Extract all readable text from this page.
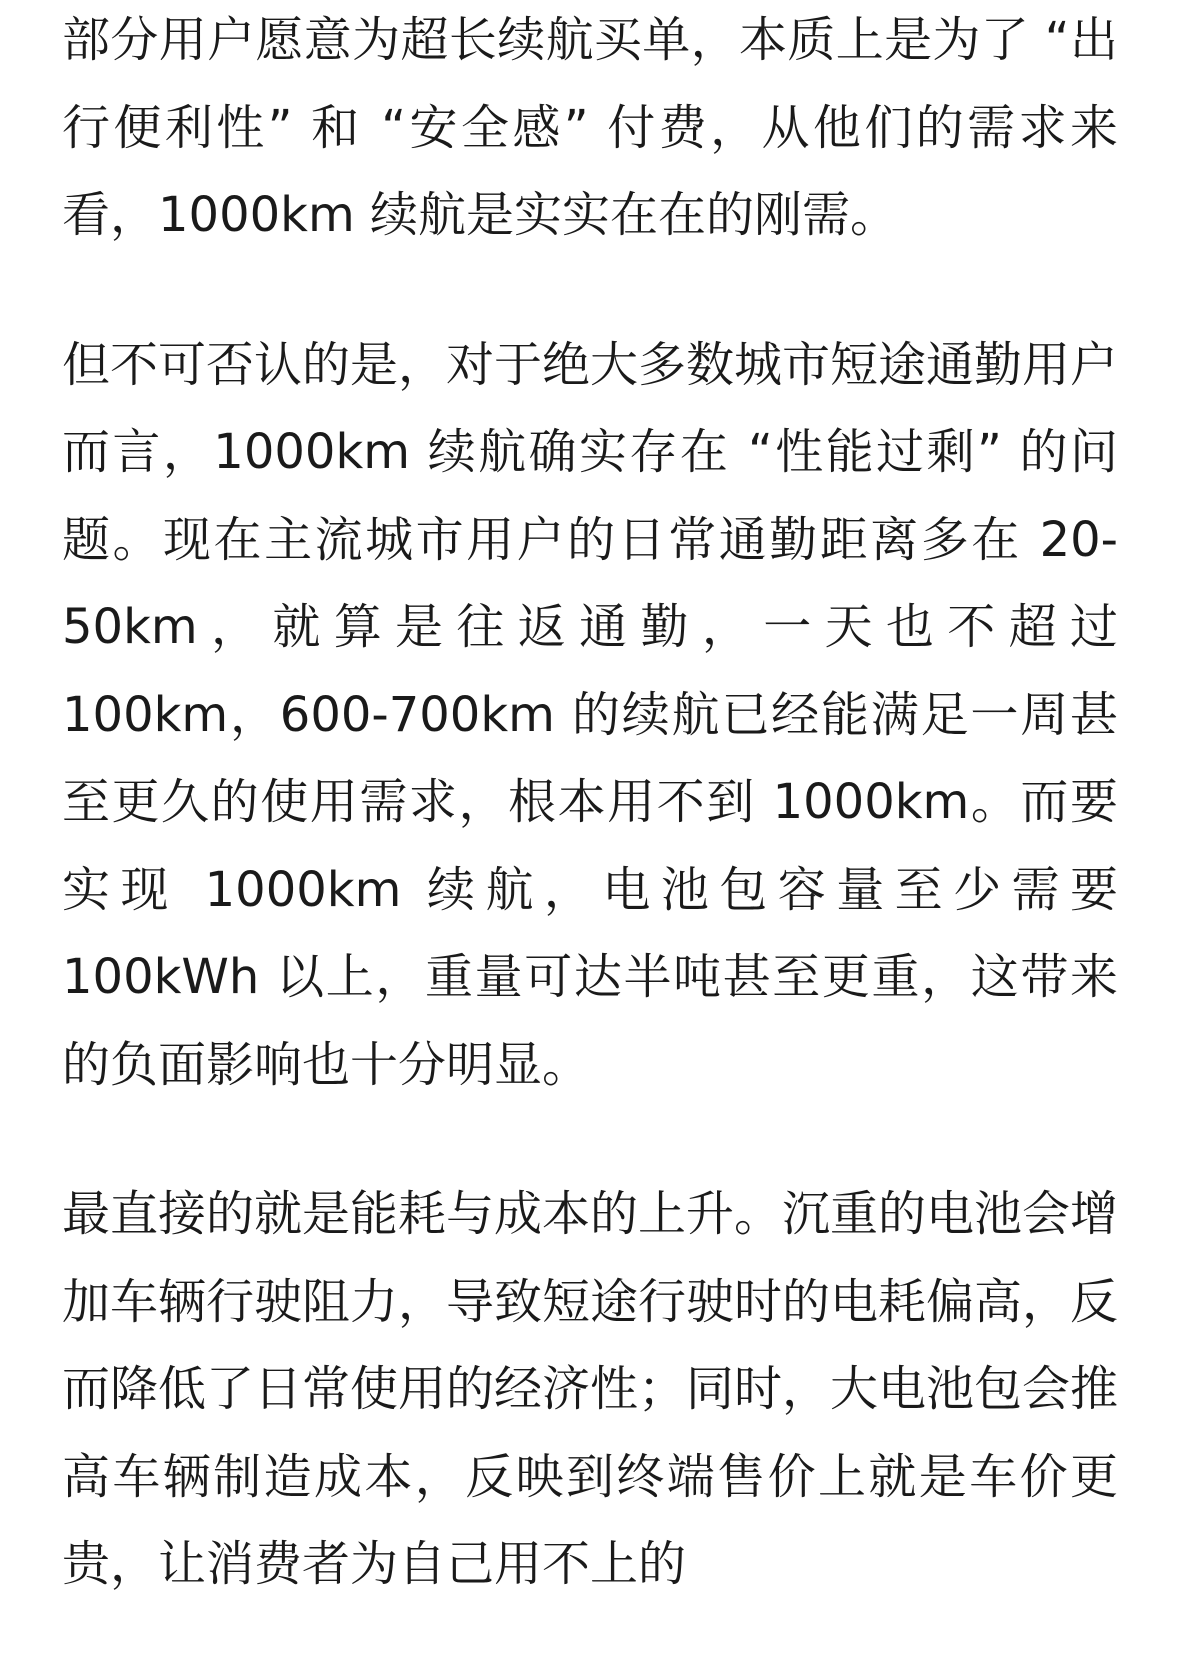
部分用户愿意为超长续航买单，本质上是为了 “出行便利性” 和 “安全感” 付费，从他们的需求来看，1000km 续航是实实在在的刚需。

但不可否认的是，对于绝大多数城市短途通勤用户而言，1000km 续航确实存在 “性能过剩” 的问题。现在主流城市用户的日常通勤距离多在 20-50km，就算是往返通勤，一天也不超过 100km，600-700km 的续航已经能满足一周甚至更久的使用需求，根本用不到 1000km。而要实现 1000km 续航，电池包容量至少需要 100kWh 以上，重量可达半吨甚至更重，这带来的负面影响也十分明显。

最直接的就是能耗与成本的上升。沉重的电池会增加车辆行驶阻力，导致短途行驶时的电耗偏高，反而降低了日常使用的经济性；同时，大电池包会推高车辆制造成本，反映到终端售价上就是车价更贵，让消费者为自己用不上的
